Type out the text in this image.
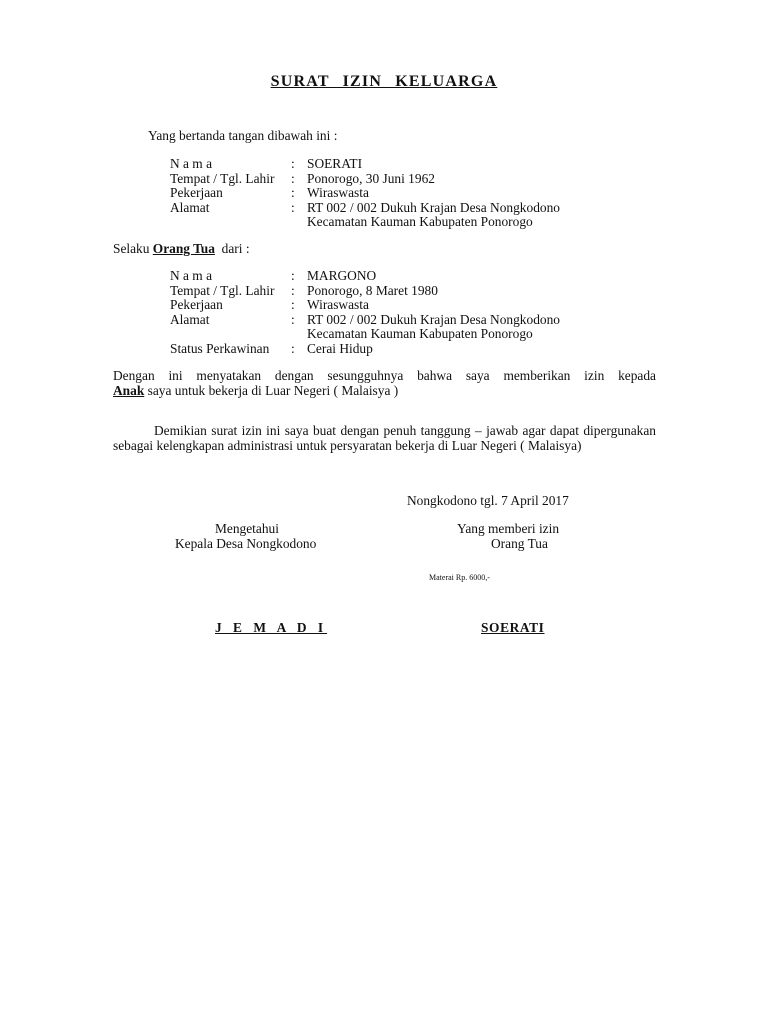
SURAT IZIN KELUARGA
Yang bertanda tangan dibawah ini :
N a m a	: SOERATI
Tempat / Tgl. Lahir : Ponorogo, 30 Juni 1962
Pekerjaan	: Wiraswasta
Alamat	: RT 002 / 002 Dukuh Krajan Desa Nongkodono
Kecamatan Kauman Kabupaten Ponorogo
Selaku Orang Tua  dari :
N a m a	: MARGONO
Tempat / Tgl. Lahir : Ponorogo, 8 Maret 1980
Pekerjaan	: Wiraswasta
Alamat	: RT 002 / 002 Dukuh Krajan Desa Nongkodono
Kecamatan Kauman Kabupaten Ponorogo
Status Perkawinan : Cerai Hidup
Dengan ini menyatakan dengan sesungguhnya bahwa saya memberikan izin kepada
Anak saya untuk bekerja di Luar Negeri ( Malaisya )
Demikian surat izin ini saya buat dengan penuh tanggung – jawab agar dapat dipergunakan sebagai kelengkapan administrasi untuk persyaratan bekerja di Luar Negeri ( Malaisya)
Nongkodono tgl. 7 April 2017
Mengetahui
Kepala Desa Nongkodono
Yang memberi izin
Orang Tua
Materai Rp. 6000,-
J E M A D I	SOERATI
